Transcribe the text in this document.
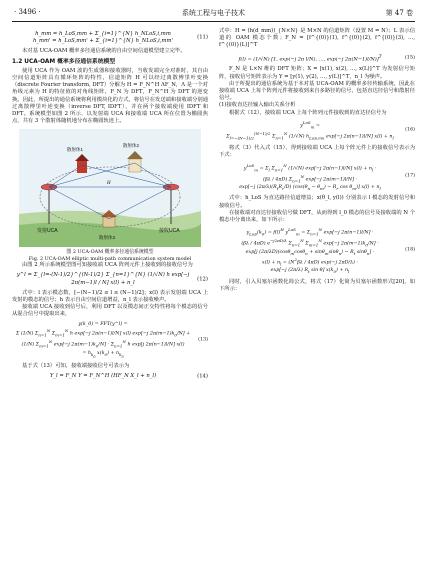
· 3496 ·	系统工程与电子技术	第 47 卷
h_mm = h_LoS,mm + Σ_{i=1}^{N} h_NLoS,i,mm
h_mm' = h_LoS,mm' + Σ_{i=1}^{N} h_NLoS,i,mm'
(11)

本对基 UCA-OAM 概率多径通信系统的自由空间信道模型建立完毕。

1.2 UCA-OAM 概率多径通信系统模型

使用 UCA 作为 OAM 波的生成器和接收器时，当收发端完全对准时，其自由空间信道矩阵具有循环矩阵的特性，信道矩阵 H 可以经过离散傅里叶变换（discrete Fourier transform, DFT）分解为 H = F_N^H ΛF_N，Λ 是一个对角线元素为 H 的特征值的对角线矩阵，F_N 为 DFT，F_N^H 为 DFT 的逆变换。因此，所提出的通信系统将利用模块化的方式，将信号在发送端和接收端分别通过离散傅里叶逆变换（inverse DFT, IDFT），并在两个接收端使用 IDFT 和 DFT。系统模型如图 2 所示，以发射端 UCA 和接收端 UCA 所在位置为椭圆焦点，共有 3 个散射体随机地分布在椭圆轨迹上。

发射UCA	接收UCA
散射体1
散射体2
散射体3
H
图 2 UCA-OAM 概率多径通信系统模型
Fig. 2 UCA-OAM elliptic multi-path communication system model

由图 2 所示系统模型图可知接收端 UCA 阵列元件上接收到的接收信号为

y^l = Σ_{l=-(N-1)/2}^{(N-1)/2} Σ_{n=1}^{N} (1/√N) h exp[−j 2π(m−1)l / N] x(l) + n_l
(12)

式中：l 表示模态数，[−(N−1)/2 ≤ l ≤ (N−1)/2]；x(l) 表示发射端 UCA 上发射的模态的信号；h 表示自由空间信道增益，n_l 表示接收噪声。

接收端 UCA 接收到信号后，利用 DFT 以及模态间正交特性将每个模态的信号从混合信号中提取出来，

y(k_0) = FFT(y^l) =
Σ (1/N) $\Sigma_{n=1}^N$ $\Sigma_{m=1}^N$ h exp[−j 2π(n−1)l/N] x(l) exp[−j $2\pi(m-1)k_0/N$] +
(1/N) $\Sigma_{m=1}^N$ exp[−j $2\pi(m-1)k_0/N] \cdot \Sigma_{n=1}^N$ h exp[j 2π(n−1)l/N] x(l)
= $h_{k_0}$ $x(k_0) + n_{k_0}$
(13)

基于式（13）可知，接收端接收信号可表示为

Y_l = F_N Y = F_N^H (HF_N X_l + n_l)	(14)

式中：H = (h(d_mm))_{N×N} 是 M×N 的信道矩阵（设置 M = N）；L 表示信道的 OAM 模态个数；F_N = [f^{(0)}(1), f^{(0)}(2), f^{(0)}(3), …, f^{(0)}(L)]^T

f(l) = (1/√N) [1, exp(−j 2π l/N), …, exp(−j 2π(N−1)l/N)]$^T$	(15)

F_N 是 L×N 维的 DFT 矩阵；X = [x(1), x(2), …, x(L)]^T 为发射信号矩阵，接收信号矩阵表示为 Y = [y(1), y(2), …, y(L)]^T，n_l 为噪声。

由于所提出的通信系统为基于本对基 UCA-OAM 的概率多径传输系统，因此在接收端 UCA 上每个阵列元件将接收到来自多路径的信号，包括直达径信号和散射径信号。

(1)接收直达径输入输出关系分析

根据式（12），接收端 UCA 上每个阵列元件接收到的直达径信号为

$y^{LoS}_m$ =
$\Sigma_{l=-(N-1)/2}^{(N-1)/2}$ $\Sigma_{n=1}^N$ (1/√N) $h_{LoS,mn}$ exp[−j 2π(n−1)l/N] $x(l) + n_l$
(16)

将式（3）代入式（15），得到接收端 UCA 上每个阵元件上的接收信号表示为下式：

$y^{LoS}_m = \Sigma_l$ $\Sigma_{n=1}^N$ (1/√N) exp[−j 2π(n−1)l/N] $x(l) + n_l$ ·
(βλ / 4πD) $\Sigma_{n=1}^N$ exp[−j 2π(m−1)l/N] ·
exp[−j $(2\pi/\lambda)(R_tR_r/D) (\cos(\theta_n - \theta_m) - R_r$ $\cos \theta_m$)] $x(l) + n_l$
(17)

式中：h_LoS 为直达路径信道增益；x(θ_l, y(l)) 分别表示 l 模态的发射信号和接收信号。

在接收端对直达径接收信号做 DFT，从而得到 l_0 模态的信号及接收端的 N 个模态中分离出来，如下所示：

$y_{LoS}(k_0) = f(l)^H$ $y^{LoS}_m = \Sigma_{n=1}^N$ exp[−j 2π(n−1)l/N] ·
(βλ / 4πD) $e^{-j2\pi D/\lambda}$ $\Sigma_{n=1}^N$ $\Sigma_{m=1}^N$ exp[−j $2\pi(m-1)k_0/N$] ·
exp[j $(2\pi/\lambda D)(\cos\theta_m\cos\theta_n + \sin\theta_m\sin\theta_n) - R_t$ sinθ$_n$] ·
$x(l) + n_l = (N^2\beta\lambda / 4\pi D)$ exp(−j 2πD/λ) ·
exp[−j (2π/λ) $R_t$ sin θ] $x(k_0) + n_l$
(18)

同时，引入贝塞尔函数化简公式，将式（17）化简为贝塞尔函数形式[20]，如下所示：
